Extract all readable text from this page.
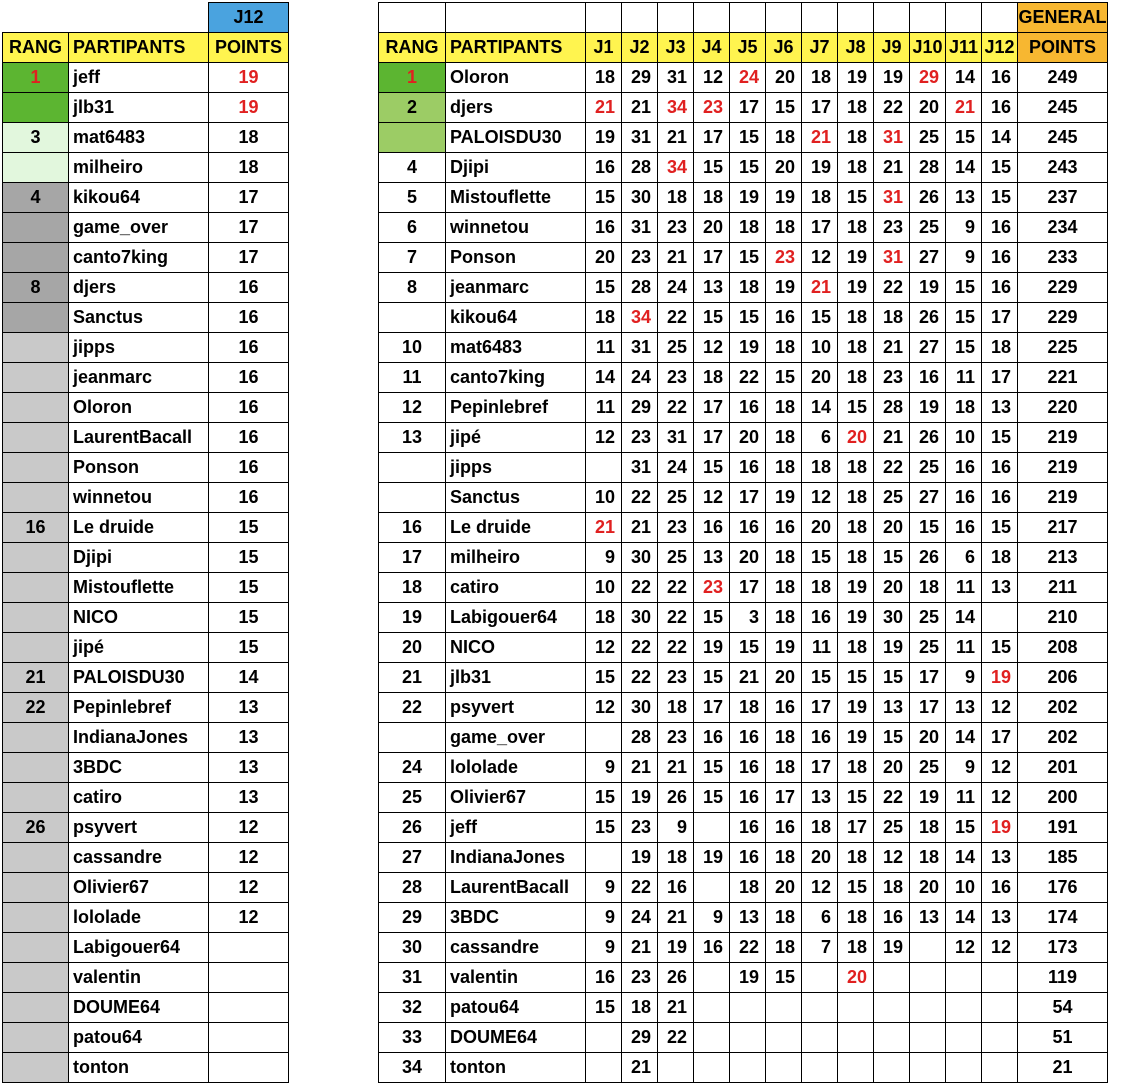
		J12
RANG	PARTIPANTS	POINTS
1	jeff	19
	jlb31	19
3	mat6483	18
	milheiro	18
4	kikou64	17
	game_over	17
	canto7king	17
8	djers	16
	Sanctus	16
	jipps	16
	jeanmarc	16
	Oloron	16
	LaurentBacall	16
	Ponson	16
	winnetou	16
16	Le druide	15
	Djipi	15
	Mistouflette	15
	NICO	15
	jipé	15
21	PALOISDU30	14
22	Pepinlebref	13
	IndianaJones	13
	3BDC	13
	catiro	13
26	psyvert	12
	cassandre	12
	Olivier67	12
	lololade	12
	Labigouer64	
	valentin	
	DOUME64	
	patou64	
	tonton	
														GENERAL
RANG	PARTIPANTS	J1	J2	J3	J4	J5	J6	J7	J8	J9	J10	J11	J12	POINTS
1	Oloron	18	29	31	12	24	20	18	19	19	29	14	16	249
2	djers	21	21	34	23	17	15	17	18	22	20	21	16	245
	PALOISDU30	19	31	21	17	15	18	21	18	31	25	15	14	245
4	Djipi	16	28	34	15	15	20	19	18	21	28	14	15	243
5	Mistouflette	15	30	18	18	19	19	18	15	31	26	13	15	237
6	winnetou	16	31	23	20	18	18	17	18	23	25	9	16	234
7	Ponson	20	23	21	17	15	23	12	19	31	27	9	16	233
8	jeanmarc	15	28	24	13	18	19	21	19	22	19	15	16	229
	kikou64	18	34	22	15	15	16	15	18	18	26	15	17	229
10	mat6483	11	31	25	12	19	18	10	18	21	27	15	18	225
11	canto7king	14	24	23	18	22	15	20	18	23	16	11	17	221
12	Pepinlebref	11	29	22	17	16	18	14	15	28	19	18	13	220
13	jipé	12	23	31	17	20	18	6	20	21	26	10	15	219
	jipps		31	24	15	16	18	18	18	22	25	16	16	219
	Sanctus	10	22	25	12	17	19	12	18	25	27	16	16	219
16	Le druide	21	21	23	16	16	16	20	18	20	15	16	15	217
17	milheiro	9	30	25	13	20	18	15	18	15	26	6	18	213
18	catiro	10	22	22	23	17	18	18	19	20	18	11	13	211
19	Labigouer64	18	30	22	15	3	18	16	19	30	25	14		210
20	NICO	12	22	22	19	15	19	11	18	19	25	11	15	208
21	jlb31	15	22	23	15	21	20	15	15	15	17	9	19	206
22	psyvert	12	30	18	17	18	16	17	19	13	17	13	12	202
	game_over		28	23	16	16	18	16	19	15	20	14	17	202
24	lololade	9	21	21	15	16	18	17	18	20	25	9	12	201
25	Olivier67	15	19	26	15	16	17	13	15	22	19	11	12	200
26	jeff	15	23	9		16	16	18	17	25	18	15	19	191
27	IndianaJones		19	18	19	16	18	20	18	12	18	14	13	185
28	LaurentBacall	9	22	16		18	20	12	15	18	20	10	16	176
29	3BDC	9	24	21	9	13	18	6	18	16	13	14	13	174
30	cassandre	9	21	19	16	22	18	7	18	19		12	12	173
31	valentin	16	23	26		19	15		20					119
32	patou64	15	18	21										54
33	DOUME64		29	22										51
34	tonton		21											21
